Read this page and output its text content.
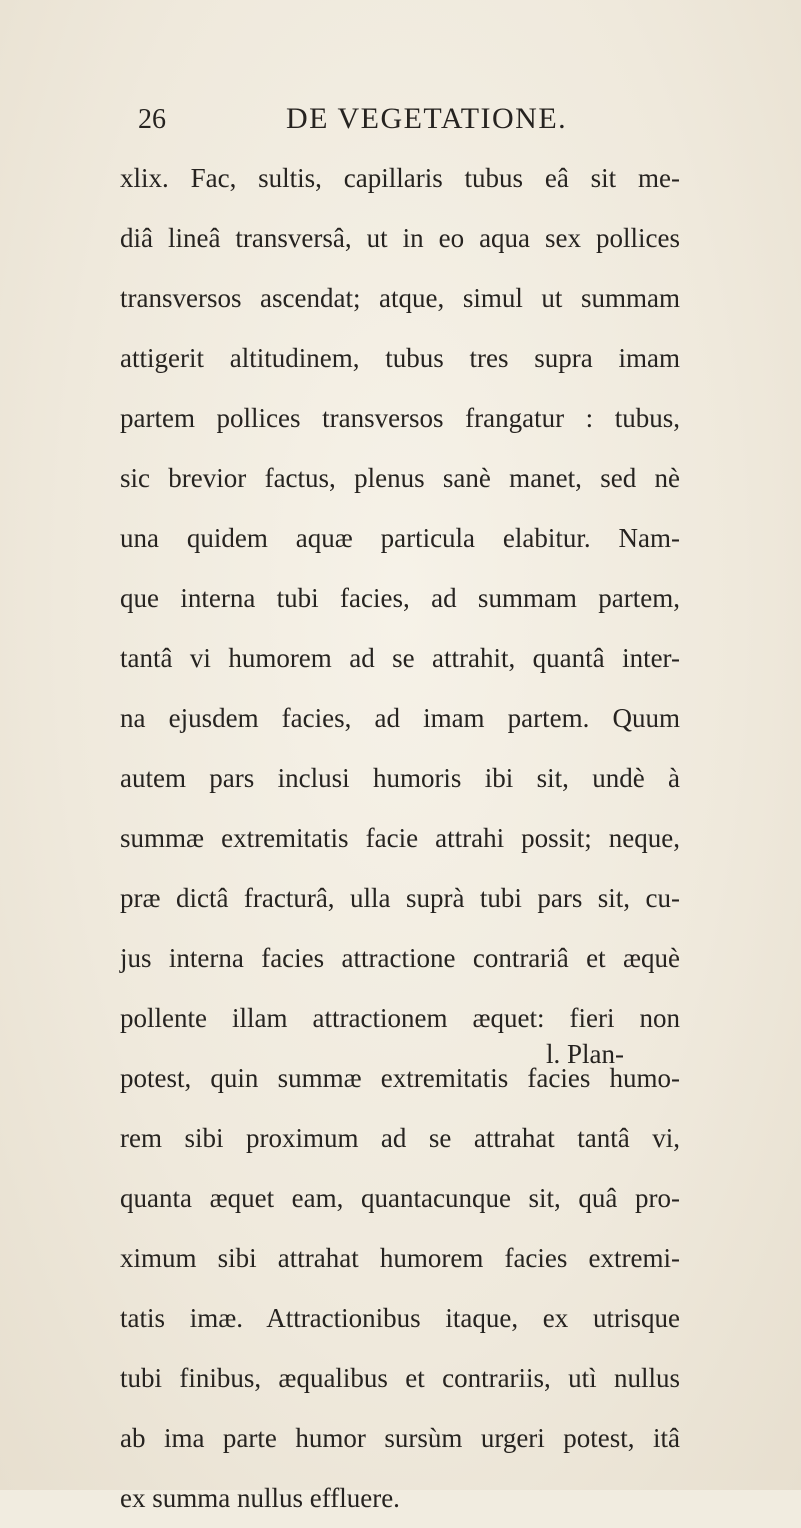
26	DE VEGETATIONE.
xlix. Fac, sultis, capillaris tubus eâ sit me-
diâ lineâ transversâ, ut in eo aqua sex pollices
transversos ascendat; atque, simul ut summam
attigerit altitudinem, tubus tres supra imam
partem pollices transversos frangatur : tubus,
sic brevior factus, plenus sanè manet, sed nè
una quidem aquæ particula elabitur. Nam-
que interna tubi facies, ad summam partem,
tantâ vi humorem ad se attrahit, quantâ inter-
na ejusdem facies, ad imam partem. Quum
autem pars inclusi humoris ibi sit, undè à
summæ extremitatis facie attrahi possit; neque,
præ dictâ fracturâ, ulla suprà tubi pars sit, cu-
jus interna facies attractione contrariâ et æquè
pollente illam attractionem æquet: fieri non
potest, quin summæ extremitatis facies humo-
rem sibi proximum ad se attrahat tantâ vi,
quanta æquet eam, quantacunque sit, quâ pro-
ximum sibi attrahat humorem facies extremi-
tatis imæ. Attractionibus itaque, ex utrisque
tubi finibus, æqualibus et contrariis, utì nullus
ab ima parte humor sursùm urgeri potest, itâ
ex summa nullus effluere.
l. Plan-
